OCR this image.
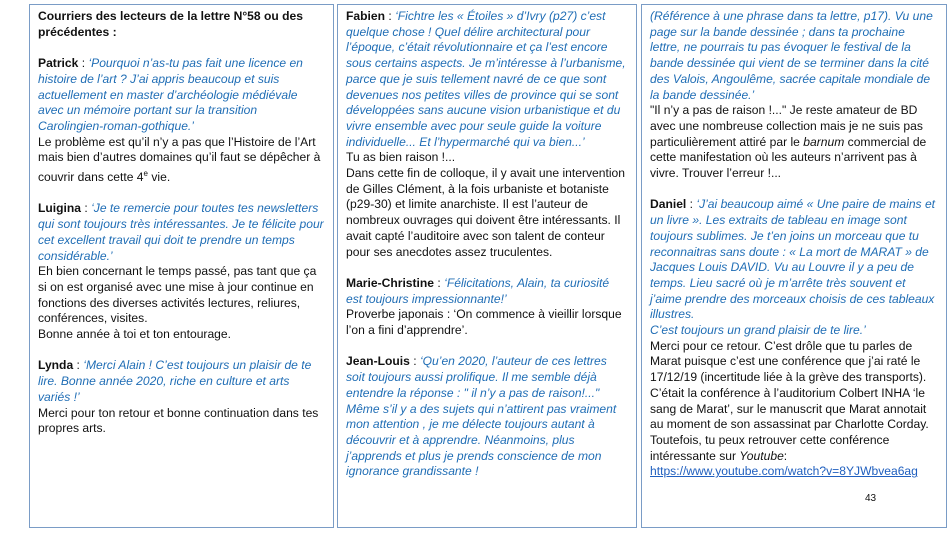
Courriers des lecteurs de la lettre N°58 ou des précédentes :

Patrick : ‘Pourquoi n’as-tu pas fait une licence en histoire de l’art ? J’ai appris beaucoup et suis actuellement en master d’archéologie médiévale avec un mémoire portant sur la transition Carolingien-roman-gothique.’

Le problème est qu’il n’y a pas que l’Histoire de l’Art mais bien d’autres domaines qu’il faut se dépêcher à couvrir dans cette 4e vie.

Luigina : ‘Je te remercie pour toutes tes newsletters qui sont toujours très intéressantes. Je te félicite pour cet excellent travail qui doit te prendre un temps considérable.’

Eh bien concernant le temps passé, pas tant que ça si on est organisé avec une mise à jour continue en fonctions des diverses activités lectures, reliures, conférences, visites.

Bonne année à toi et ton entourage.

Lynda : ‘Merci Alain ! C’est toujours un plaisir de te lire. Bonne année 2020, riche en culture et arts variés !’

Merci pour ton retour et bonne continuation dans tes propres arts.

Fabien : ‘Fichtre les « Étoiles » d’Ivry (p27) c’est quelque chose ! Quel délire architectural pour l’époque, c’était révolutionnaire et ça l’est encore sous certains aspects. Je m’intéresse à l’urbanisme, parce que je suis tellement navré de ce que sont devenues nos petites villes de province qui se sont développées sans aucune vision urbanistique et du vivre ensemble avec pour seule guide la voiture individuelle... Et l’hypermarché qui va bien...’

Tu as bien raison !...

Dans cette fin de colloque, il y avait une intervention de Gilles Clément, à la fois urbaniste et botaniste (p29-30) et limite anarchiste. Il est l’auteur de nombreux ouvrages qui doivent être intéressants. Il avait capté l’auditoire avec son talent de conteur pour ses anecdotes assez truculentes.

Marie-Christine : ‘Félicitations, Alain, ta curiosité est toujours impressionnante!’

Proverbe japonais : ‘On commence à vieillir lorsque l’on a fini d’apprendre’.

Jean-Louis : ‘Qu’en 2020, l’auteur de ces lettres soit toujours aussi prolifique. Il me semble déjà entendre la réponse : " il n’y a pas de raison!..." Même s’il y a des sujets qui n’attirent pas vraiment mon attention , je me délecte toujours autant à découvrir et à apprendre. Néanmoins, plus j’apprends et plus je prends conscience de mon ignorance grandissante !

(Référence à une phrase dans ta lettre, p17). Vu une page sur la bande dessinée ; dans ta prochaine lettre, ne pourrais tu pas évoquer le festival de la bande dessinée qui vient de se terminer dans la cité des Valois, Angoulême, sacrée capitale mondiale de la bande dessinée.’

"Il n’y a pas de raison !..." Je reste amateur de BD avec une nombreuse collection mais je ne suis pas particulièrement attiré par le barnum commercial de cette manifestation où les auteurs n’arrivent pas à vivre. Trouver l’erreur !...

Daniel : ‘J’ai beaucoup aimé « Une paire de mains et un livre ». Les extraits de tableau en image sont toujours sublimes. Je t’en joins un morceau que tu reconnaitras sans doute : « La mort de MARAT » de Jacques Louis DAVID. Vu au Louvre il y a peu de temps. Lieu sacré où je m’arrête très souvent et j’aime prendre des morceaux choisis de ces tableaux illustres.

C’est toujours un grand plaisir de te lire.’

Merci pour ce retour. C’est drôle que tu parles de Marat puisque c’est une conférence que j’ai raté le 17/12/19 (incertitude liée à la grève des transports). C’était la conférence à l’auditorium Colbert INHA ‘le sang de Marat’, sur le manuscrit que Marat annotait au moment de son assassinat par Charlotte Corday.

Toutefois, tu peux retrouver cette conférence intéressante sur Youtube:

https://www.youtube.com/watch?v=8YJWbvea6ag

43
